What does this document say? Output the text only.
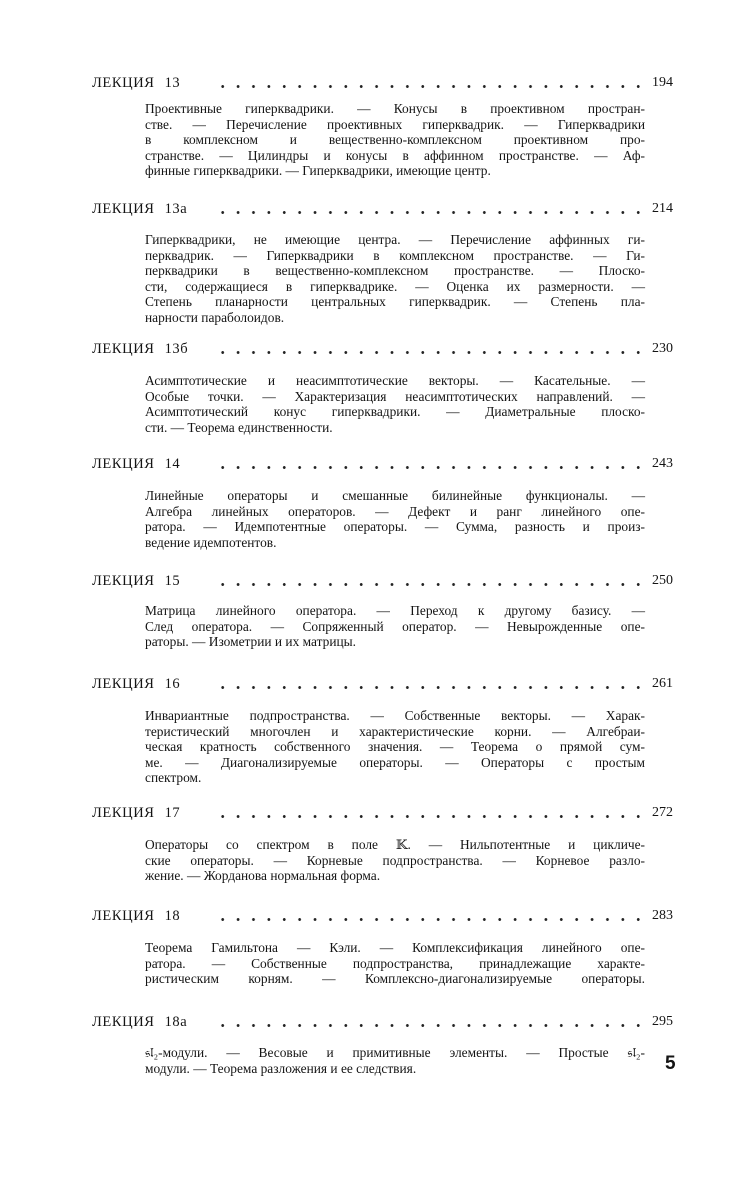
ЛЕКЦИЯ 13	194
Проективные гиперквадрики. — Конусы в проективном простран-
стве. — Перечисление проективных гиперквадрик. — Гиперквадрики
в комплексном и вещественно-комплексном проективном про-
странстве. — Цилиндры и конусы в аффинном пространстве. — Аф-
финные гиперквадрики. — Гиперквадрики, имеющие центр.
ЛЕКЦИЯ 13а	214
Гиперквадрики, не имеющие центра. — Перечисление аффинных ги-
перквадрик. — Гиперквадрики в комплексном пространстве. — Ги-
перквадрики в вещественно-комплексном пространстве. — Плоско-
сти, содержащиеся в гиперквадрике. — Оценка их размерности. —
Степень планарности центральных гиперквадрик. — Степень пла-
нарности параболоидов.
ЛЕКЦИЯ 13б	230
Асимптотические и неасимптотические векторы. — Касательные. —
Особые точки. — Характеризация неасимптотических направлений. —
Асимптотический конус гиперквадрики. — Диаметральные плоско-
сти. — Теорема единственности.
ЛЕКЦИЯ 14	243
Линейные операторы и смешанные билинейные функционалы. —
Алгебра линейных операторов. — Дефект и ранг линейного опе-
ратора. — Идемпотентные операторы. — Сумма, разность и произ-
ведение идемпотентов.
ЛЕКЦИЯ 15	250
Матрица линейного оператора. — Переход к другому базису. —
След оператора. — Сопряженный оператор. — Невырожденные опе-
раторы. — Изометрии и их матрицы.
ЛЕКЦИЯ 16	261
Инвариантные подпространства. — Собственные векторы. — Харак-
теристический многочлен и характеристические корни. — Алгебраи-
ческая кратность собственного значения. — Теорема о прямой сум-
ме. — Диагонализируемые операторы. — Операторы с простым
спектром.
ЛЕКЦИЯ 17	272
Операторы со спектром в поле 𝕂. — Нильпотентные и цикличе-
ские операторы. — Корневые подпространства. — Корневое разло-
жение. — Жорданова нормальная форма.
ЛЕКЦИЯ 18	283
Теорема Гамильтона — Кэли. — Комплексификация линейного опе-
ратора. — Собственные подпространства, принадлежащие характе-
ристическим корням. — Комплексно-диагонализируемые операторы.
ЛЕКЦИЯ 18а	295
𝔰𝔩₂-модули. — Весовые и примитивные элементы. — Простые 𝔰𝔩₂-
модули. — Теорема разложения и ее следствия.	5
